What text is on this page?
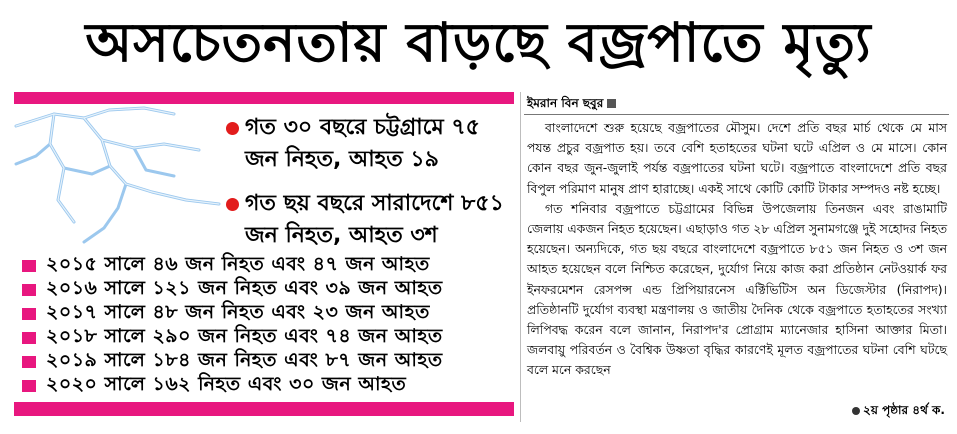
অসচেতনতায় বাড়ছে বজ্রপাতে মৃত্যু
গত ৩০ বছরে চট্টগ্রামে ৭৫ জন নিহত, আহত ১৯
গত ছয় বছরে সারাদেশে ৮৫১ জন নিহত, আহত ৩শ
২০১৫ সালে ৪৬ জন নিহত এবং ৪৭ জন আহত
২০১৬ সালে ১২১ জন নিহত এবং ৩৯ জন আহত
২০১৭ সালে ৪৮ জন নিহত এবং ২৩ জন আহত
২০১৮ সালে ২৯০ জন নিহত এবং ৭৪ জন আহত
২০১৯ সালে ১৮৪ জন নিহত এবং ৮৭ জন আহত
২০২০ সালে ১৬২ নিহত এবং ৩০ জন আহত
ইমরান বিন ছবুর

বাংলাদেশে শুরু হয়েছে বজ্রপাতের মৌসুম। দেশে প্রতি বছর মার্চ থেকে মে মাস পযন্ত প্রচুর বজ্রপাত হয়। তবে বেশি হতাহতের ঘটনা ঘটে এপ্রিল ও মে মাসে। কোন কোন বছর জুন-জুলাই পর্যন্ত বজ্রপাতের ঘটনা ঘটে। বজ্রপাতে বাংলাদেশে প্রতি বছর বিপুল পরিমাণ মানুষ প্রাণ হারাচ্ছে। একই সাথে কোটি কোটি টাকার সম্পদও নষ্ট হচ্ছে।

গত শনিবার বজ্রপাতে চট্টগ্রামের বিভিন্ন উপজেলায় তিনজন এবং রাঙামাটি জেলায় একজন নিহত হয়েছেন। এছাড়াও গত ২৮ এপ্রিল সুনামগঞ্জে দুই সহোদর নিহত হয়েছেন। অন্যদিকে, গত ছয় বছরে বাংলাদেশে বজ্রপাতে ৮৫১ জন নিহত ও ৩শ জন আহত হয়েছেন বলে নিশ্চিত করেছেন, দুর্যোগ নিয়ে কাজ করা প্রতিষ্ঠান নেটওয়ার্ক ফর ইনফরমেশন রেসপন্স এন্ড প্রিপিয়ারনেস এক্টিভিটিস অন ডিজেস্টার (নিরাপদ)। প্রতিষ্ঠানটি দুর্যোগ ব্যবস্থা মন্ত্রণালয় ও জাতীয় দৈনিক থেকে বজ্রপাতে হতাহতের সংখ্যা লিপিবদ্ধ করেন বলে জানান, নিরাপদ'র প্রোগ্রাম ম্যানেজার হাসিনা আক্তার মিতা। জলবায়ু পরিবর্তন ও বৈশ্বিক উষ্ণতা বৃদ্ধির কারণেই মূলত বজ্রপাতের ঘটনা বেশি ঘটছে বলে মনে করছেন

২য় পৃষ্ঠার ৪র্থ ক.
